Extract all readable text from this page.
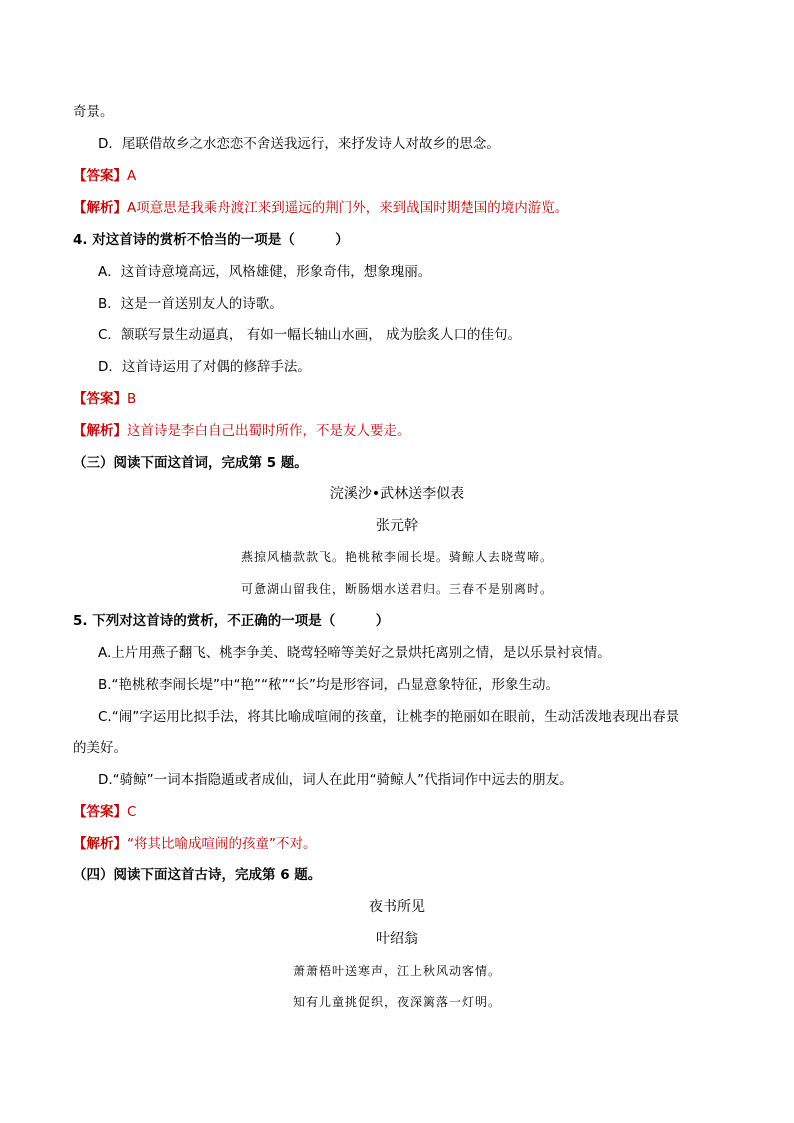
奇景。
D．尾联借故乡之水恋恋不舍送我远行，来抒发诗人对故乡的思念。
【答案】A
【解析】A项意思是我乘舟渡江来到遥远的荆门外，来到战国时期楚国的境内游览。
4. 对这首诗的赏析不恰当的一项是（　　　）
A．这首诗意境高远，风格雄健，形象奇伟，想象瑰丽。
B．这是一首送别友人的诗歌。
C．颔联写景生动逼真， 有如一幅长轴山水画， 成为脍炙人口的佳句。
D．这首诗运用了对偶的修辞手法。
【答案】B
【解析】这首诗是李白自己出蜀时所作，不是友人要走。
（三）阅读下面这首词，完成第 5 题。
浣溪沙•武林送李似表
张元幹
燕掠风樯款款飞。艳桃秾李闹长堤。骑鲸人去晓莺啼。
可惫湖山留我住，断肠烟水送君归。三春不是别离时。
5. 下列对这首诗的赏析，不正确的一项是（　　　）
A.上片用燕子翻飞、桃李争美、晓莺轻啼等美好之景烘托离别之情，是以乐景衬哀情。
B.“艳桃秾李闹长堤”中“艳”“秾”“长”均是形容词，凸显意象特征，形象生动。
C.“闹”字运用比拟手法，将其比喻成喧闹的孩童，让桃李的艳丽如在眼前，生动活泼地表现出春景
的美好。
D.“骑鲸”一词本指隐遁或者成仙，词人在此用“骑鲸人”代指词作中远去的朋友。
【答案】C
【解析】“将其比喻成喧闹的孩童”不对。
（四）阅读下面这首古诗，完成第 6 题。
夜书所见
叶绍翁
萧萧梧叶送寒声，江上秋风动客情。
知有儿童挑促织，夜深篱落一灯明。
